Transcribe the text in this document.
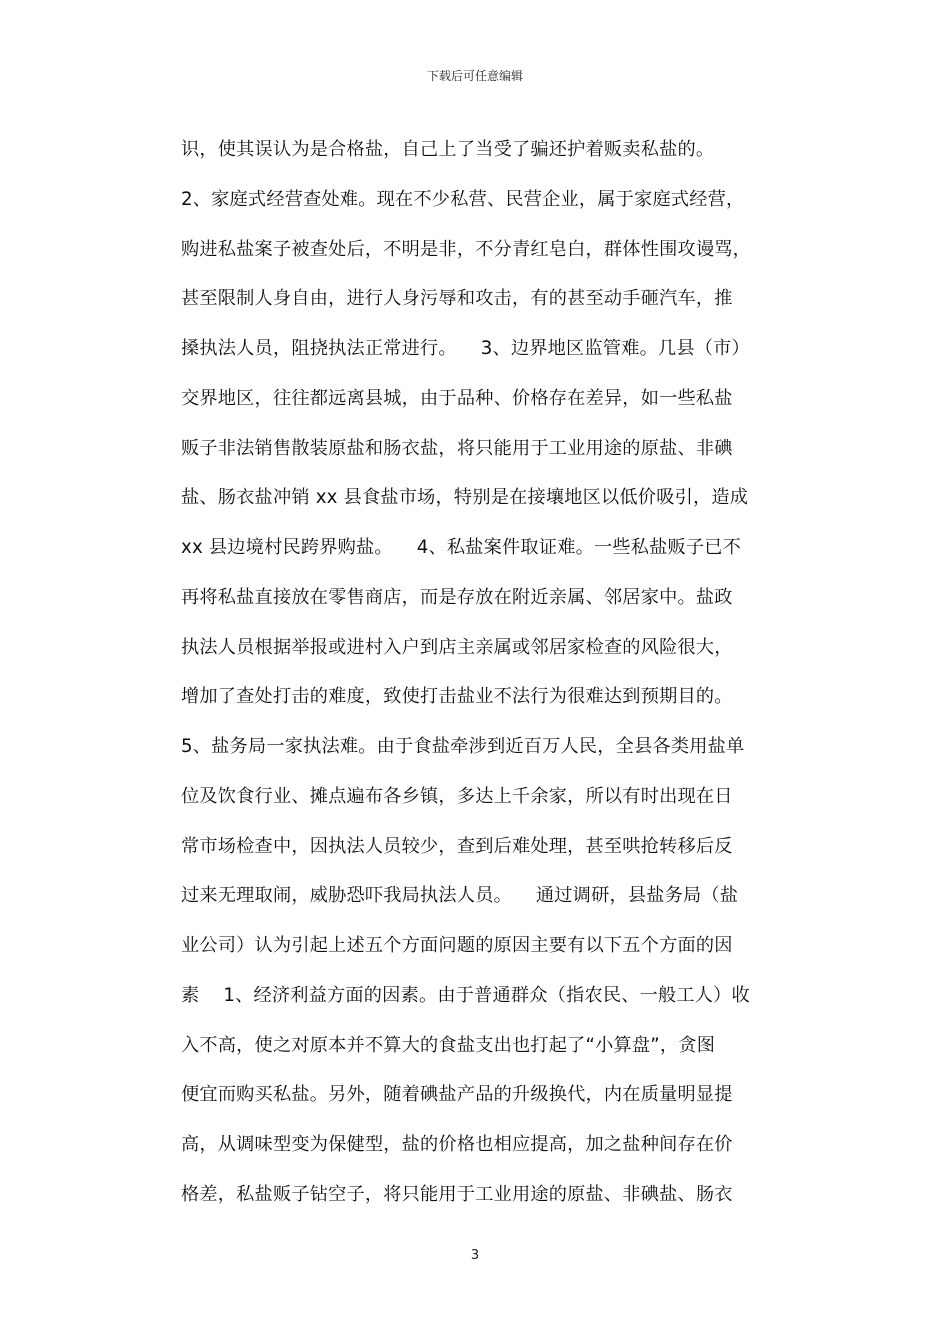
下载后可任意编辑
识，使其误认为是合格盐，自己上了当受了骗还护着贩卖私盐的。
2、家庭式经营查处难。现在不少私营、民营企业，属于家庭式经营，
购进私盐案子被查处后，不明是非，不分青红皂白，群体性围攻谩骂，
甚至限制人身自由，进行人身污辱和攻击，有的甚至动手砸汽车，推
搡执法人员，阻挠执法正常进行。    3、边界地区监管难。几县（市）
交界地区，往往都远离县城，由于品种、价格存在差异，如一些私盐
贩子非法销售散装原盐和肠衣盐，将只能用于工业用途的原盐、非碘
盐、肠衣盐冲销 xx 县食盐市场，特别是在接壤地区以低价吸引，造成
xx 县边境村民跨界购盐。    4、私盐案件取证难。一些私盐贩子已不
再将私盐直接放在零售商店，而是存放在附近亲属、邻居家中。盐政
执法人员根据举报或进村入户到店主亲属或邻居家检查的风险很大，
增加了查处打击的难度，致使打击盐业不法行为很难达到预期目的。
5、盐务局一家执法难。由于食盐牵涉到近百万人民，全县各类用盐单
位及饮食行业、摊点遍布各乡镇，多达上千余家，所以有时出现在日
常市场检查中，因执法人员较少，查到后难处理，甚至哄抢转移后反
过来无理取闹，威胁恐吓我局执法人员。    通过调研，县盐务局（盐
业公司）认为引起上述五个方面问题的原因主要有以下五个方面的因
素    1、经济利益方面的因素。由于普通群众（指农民、一般工人）收
入不高，使之对原本并不算大的食盐支出也打起了“小算盘”，贪图
便宜而购买私盐。另外，随着碘盐产品的升级换代，内在质量明显提
高，从调味型变为保健型，盐的价格也相应提高，加之盐种间存在价
格差，私盐贩子钻空子，将只能用于工业用途的原盐、非碘盐、肠衣
3
